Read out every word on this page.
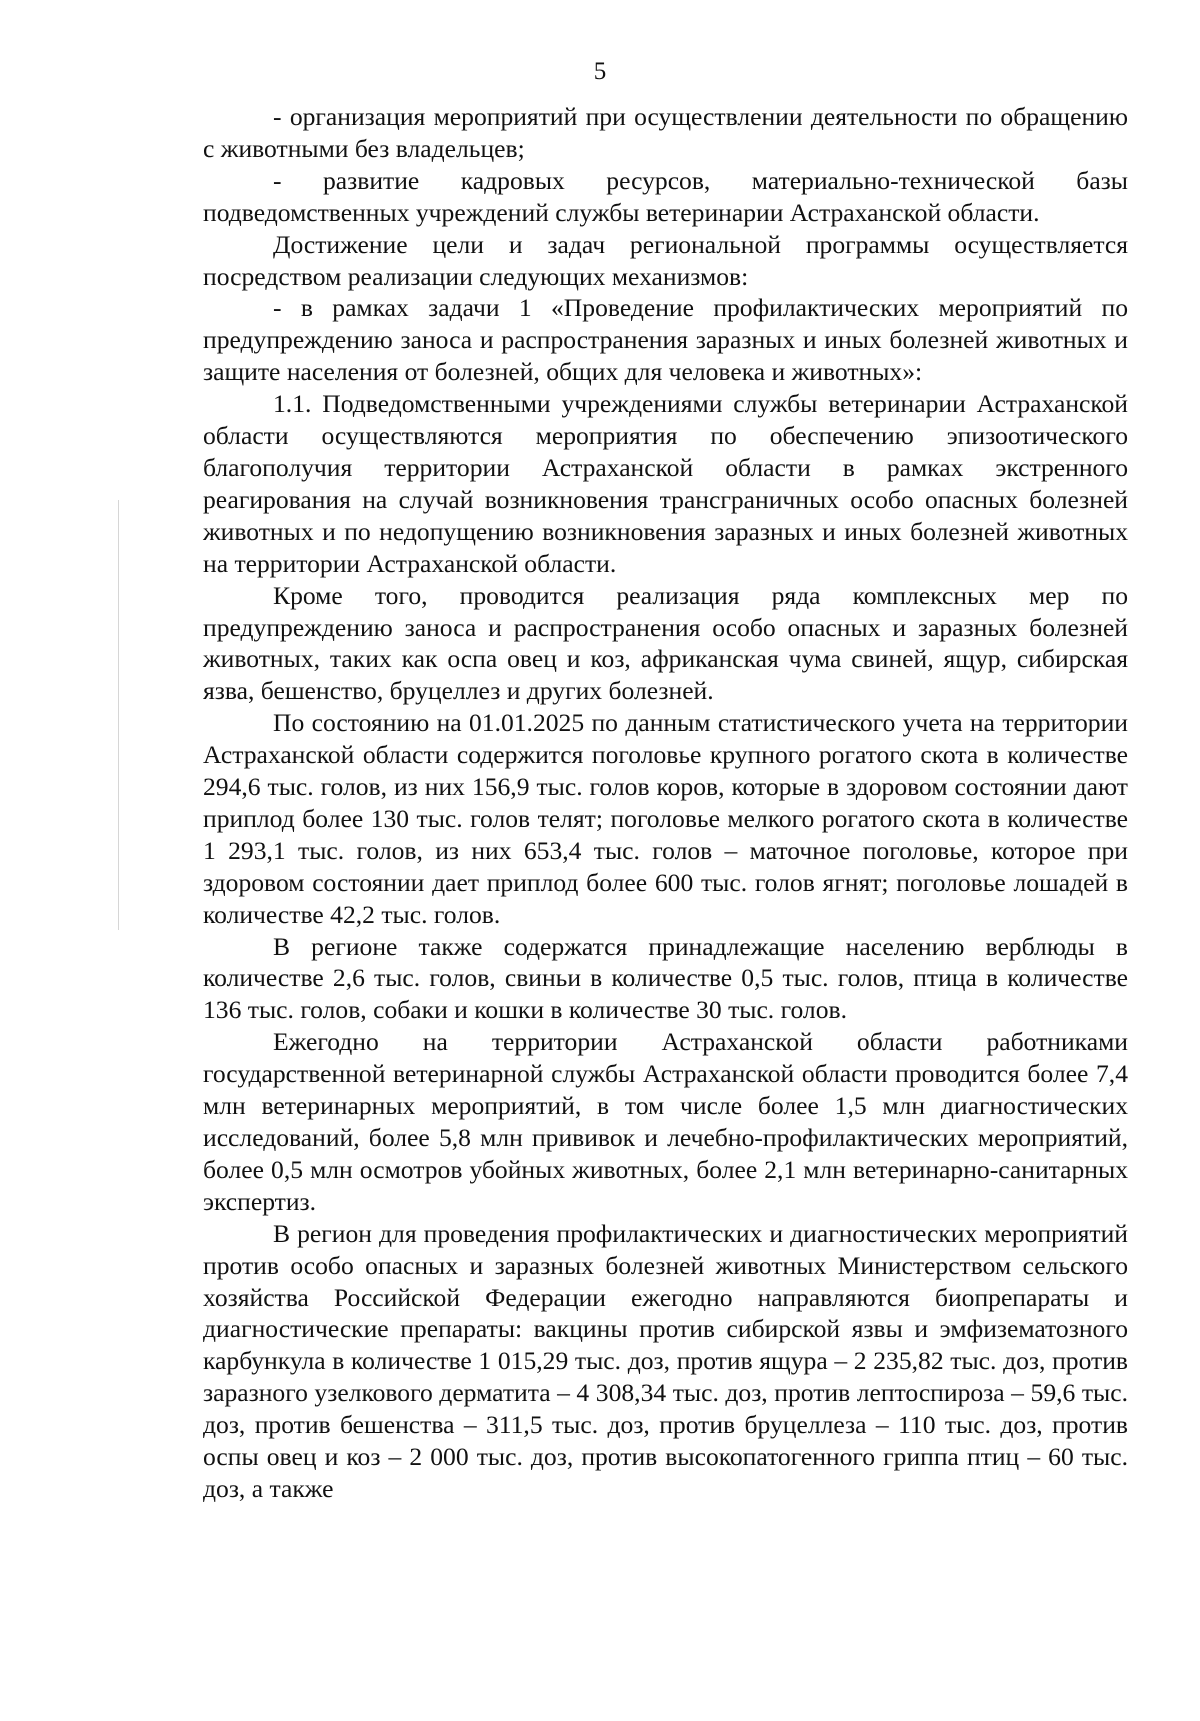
5

- организация мероприятий при осуществлении деятельности по обращению с животными без владельцев;

- развитие кадровых ресурсов, материально-технической базы подведомственных учреждений службы ветеринарии Астраханской области.

Достижение цели и задач региональной программы осуществляется посредством реализации следующих механизмов:

- в рамках задачи 1 «Проведение профилактических мероприятий по предупреждению заноса и распространения заразных и иных болезней животных и защите населения от болезней, общих для человека и животных»:

1.1. Подведомственными учреждениями службы ветеринарии Астраханской области осуществляются мероприятия по обеспечению эпизоотического благополучия территории Астраханской области в рамках экстренного реагирования на случай возникновения трансграничных особо опасных болезней животных и по недопущению возникновения заразных и иных болезней животных на территории Астраханской области.

Кроме того, проводится реализация ряда комплексных мер по предупреждению заноса и распространения особо опасных и заразных болезней животных, таких как оспа овец и коз, африканская чума свиней, ящур, сибирская язва, бешенство, бруцеллез и других болезней.

По состоянию на 01.01.2025 по данным статистического учета на территории Астраханской области содержится поголовье крупного рогатого скота в количестве 294,6 тыс. голов, из них 156,9 тыс. голов коров, которые в здоровом состоянии дают приплод более 130 тыс. голов телят; поголовье мелкого рогатого скота в количестве 1 293,1 тыс. голов, из них 653,4 тыс. голов – маточное поголовье, которое при здоровом состоянии дает приплод более 600 тыс. голов ягнят; поголовье лошадей в количестве 42,2 тыс. голов.

В регионе также содержатся принадлежащие населению верблюды в количестве 2,6 тыс. голов, свиньи в количестве 0,5 тыс. голов, птица в количестве 136 тыс. голов, собаки и кошки в количестве 30 тыс. голов.

Ежегодно на территории Астраханской области работниками государственной ветеринарной службы Астраханской области проводится более 7,4 млн ветеринарных мероприятий, в том числе более 1,5 млн диагностических исследований, более 5,8 млн прививок и лечебно-профилактических мероприятий, более 0,5 млн осмотров убойных животных, более 2,1 млн ветеринарно-санитарных экспертиз.

В регион для проведения профилактических и диагностических мероприятий против особо опасных и заразных болезней животных Министерством сельского хозяйства Российской Федерации ежегодно направляются биопрепараты и диагностические препараты: вакцины против сибирской язвы и эмфизематозного карбункула в количестве 1 015,29 тыс. доз, против ящура – 2 235,82 тыс. доз, против заразного узелкового дерматита – 4 308,34 тыс. доз, против лептоспироза – 59,6 тыс. доз, против бешенства – 311,5 тыс. доз, против бруцеллеза – 110 тыс. доз, против оспы овец и коз – 2 000 тыс. доз, против высокопатогенного гриппа птиц – 60 тыс. доз, а также
